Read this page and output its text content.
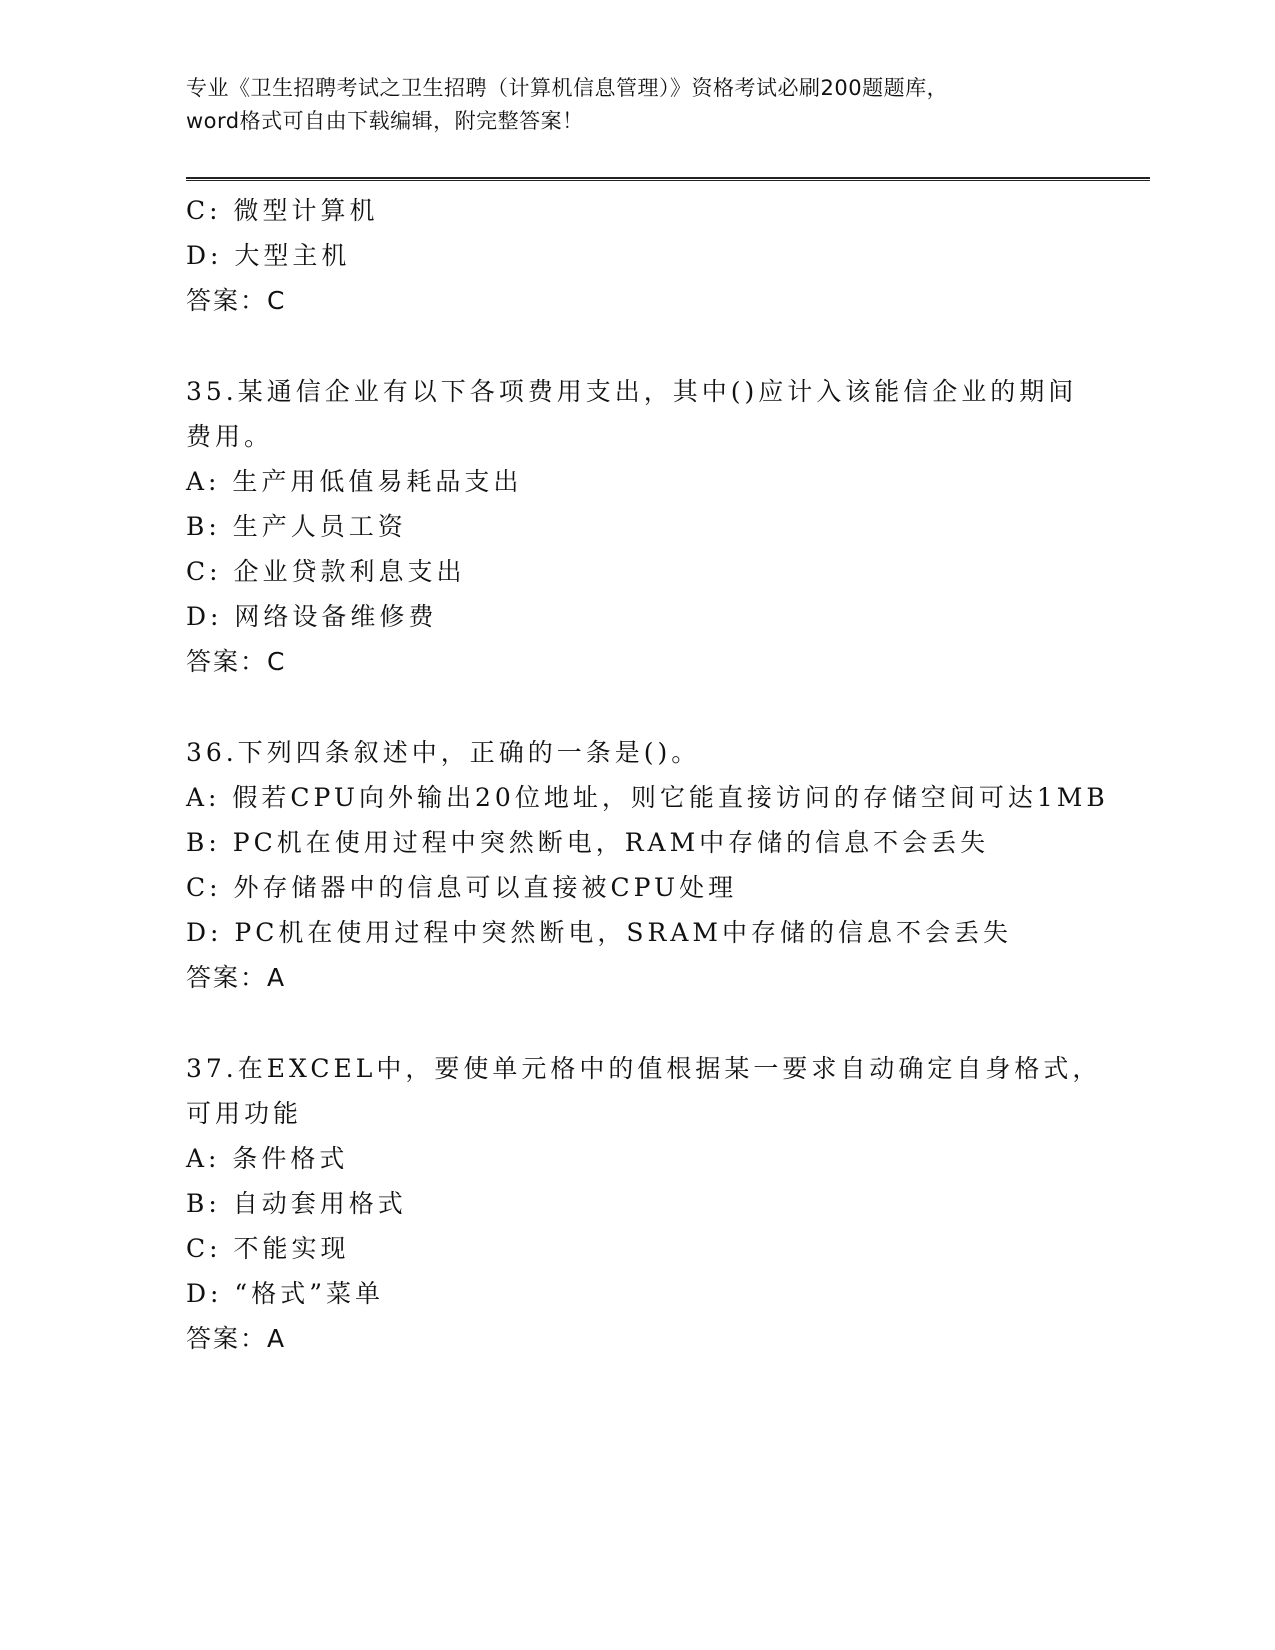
专业《卫生招聘考试之卫生招聘（计算机信息管理）》资格考试必刷200题题库，
word格式可自由下载编辑，附完整答案！
C: 微型计算机
D: 大型主机
答案：C
35.某通信企业有以下各项费用支出，其中()应计入该能信企业的期间
费用。
A: 生产用低值易耗品支出
B: 生产人员工资
C: 企业贷款利息支出
D: 网络设备维修费
答案：C
36.下列四条叙述中，正确的一条是()。
A: 假若CPU向外输出20位地址，则它能直接访问的存储空间可达1MB
B: PC机在使用过程中突然断电，RAM中存储的信息不会丢失
C: 外存储器中的信息可以直接被CPU处理
D: PC机在使用过程中突然断电，SRAM中存储的信息不会丢失
答案：A
37.在EXCEL中，要使单元格中的值根据某一要求自动确定自身格式，
可用功能
A: 条件格式
B: 自动套用格式
C: 不能实现
D: “格式”菜单
答案：A
